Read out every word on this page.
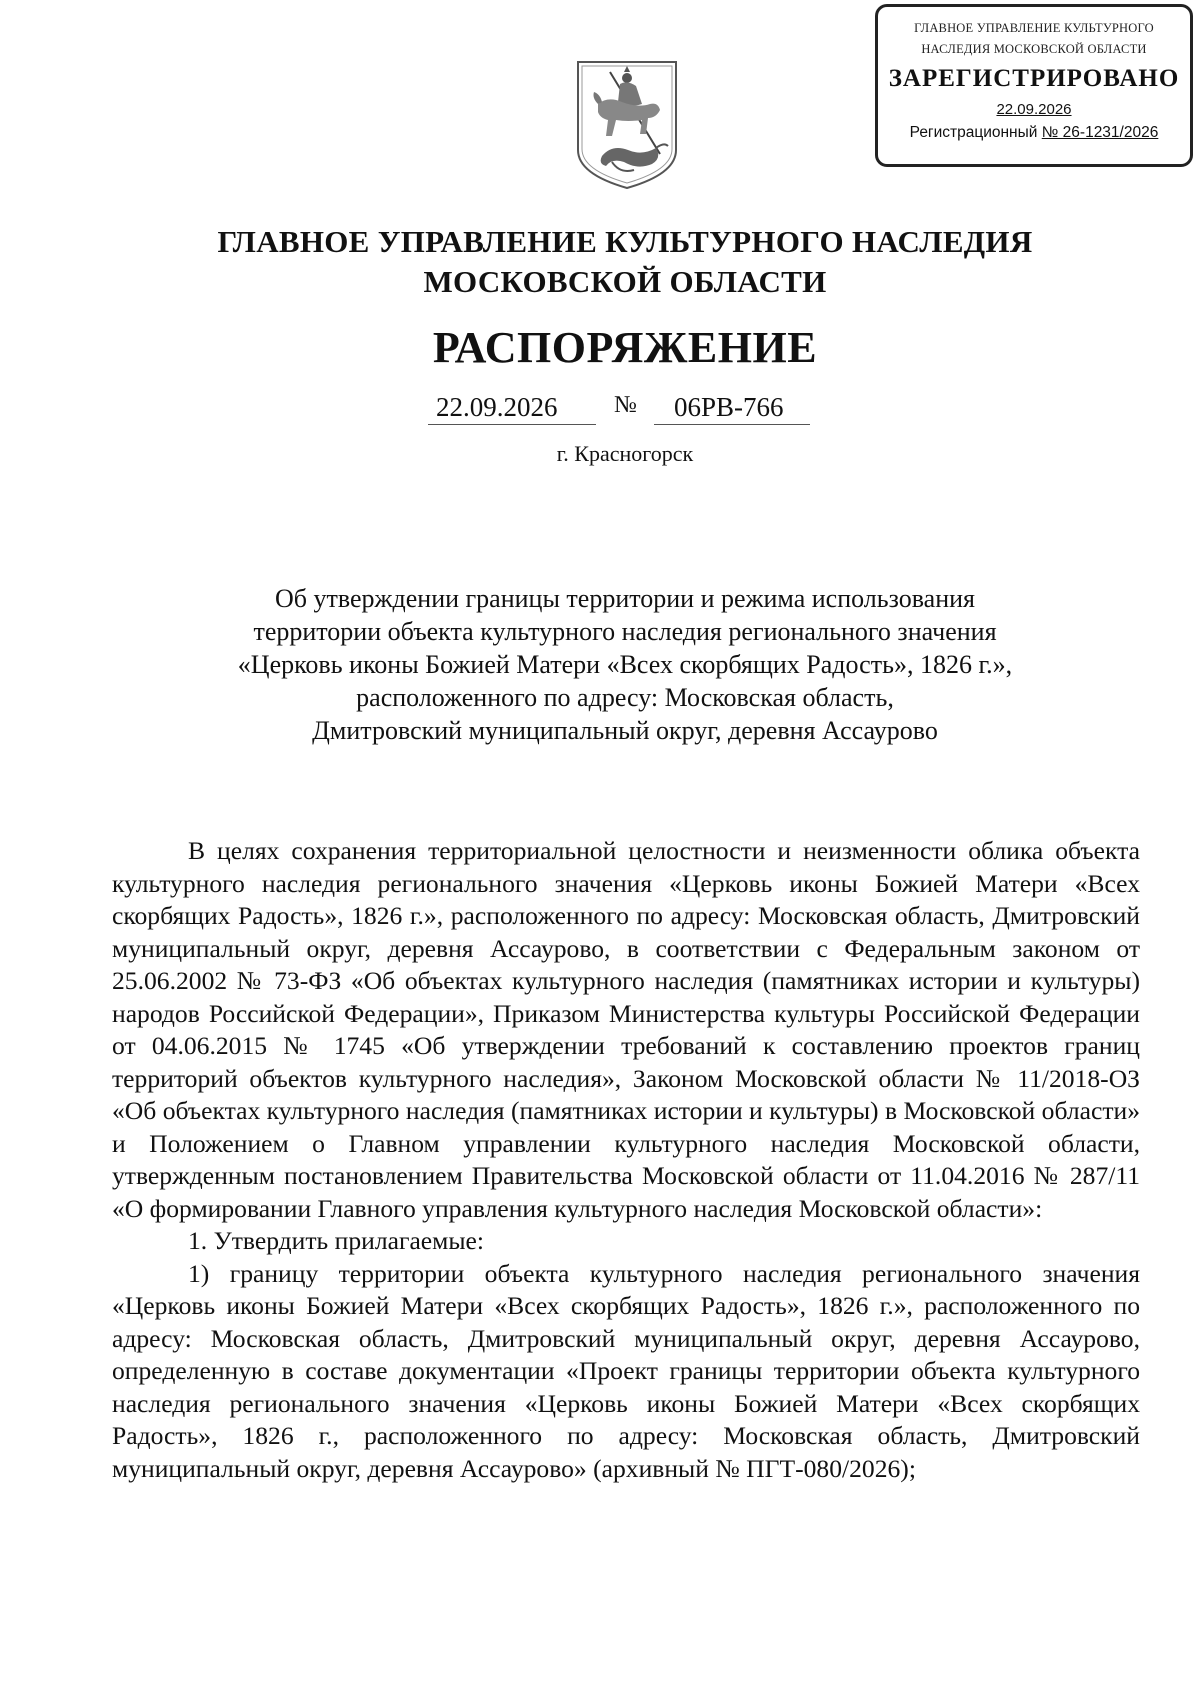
ГЛАВНОЕ УПРАВЛЕНИЕ КУЛЬТУРНОГО
НАСЛЕДИЯ МОСКОВСКОЙ ОБЛАСТИ
ЗАРЕГИСТРИРОВАНО
22.09.2026
Регистрационный № 26-1231/2026
ГЛАВНОЕ УПРАВЛЕНИЕ КУЛЬТУРНОГО НАСЛЕДИЯ
МОСКОВСКОЙ ОБЛАСТИ
РАСПОРЯЖЕНИЕ
22.09.2026 № 06РВ-766
г. Красногорск
Об утверждении границы территории и режима использования
территории объекта культурного наследия регионального значения
«Церковь иконы Божией Матери «Всех скорбящих Радость», 1826 г.»,
расположенного по адресу: Московская область,
Дмитровский муниципальный округ, деревня Ассаурово

В целях сохранения территориальной целостности и неизменности облика объекта культурного наследия регионального значения «Церковь иконы Божией Матери «Всех скорбящих Радость», 1826 г.», расположенного по адресу: Московская область, Дмитровский муниципальный округ, деревня Ассаурово, в соответствии с Федеральным законом от 25.06.2002 № 73-ФЗ «Об объектах культурного наследия (памятниках истории и культуры) народов Российской Федерации», Приказом Министерства культуры Российской Федерации от 04.06.2015 № 1745 «Об утверждении требований к составлению проектов границ территорий объектов культурного наследия», Законом Московской области № 11/2018-ОЗ «Об объектах культурного наследия (памятниках истории и культуры) в Московской области» и Положением о Главном управлении культурного наследия Московской области, утвержденным постановлением Правительства Московской области от 11.04.2016 № 287/11 «О формировании Главного управления культурного наследия Московской области»:

1. Утвердить прилагаемые:

1) границу территории объекта культурного наследия регионального значения «Церковь иконы Божией Матери «Всех скорбящих Радость», 1826 г.», расположенного по адресу: Московская область, Дмитровский муниципальный округ, деревня Ассаурово, определенную в составе документации «Проект границы территории объекта культурного наследия регионального значения «Церковь иконы Божией Матери «Всех скорбящих Радость», 1826 г., расположенного по адресу: Московская область, Дмитровский муниципальный округ, деревня Ассаурово» (архивный № ПГТ-080/2026);
